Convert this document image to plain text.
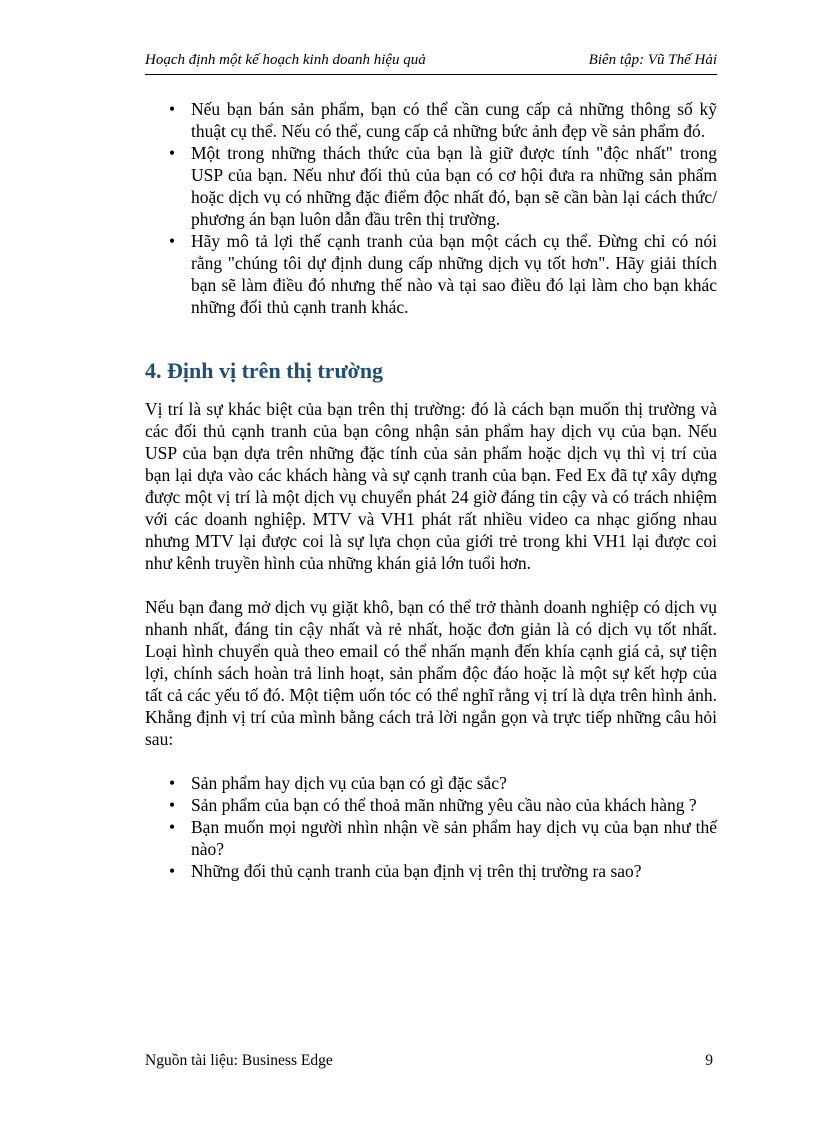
Hoạch định một kế hoạch kinh doanh hiệu quả	Biên tập: Vũ Thế Hải
• Nếu bạn bán sản phẩm, bạn có thể cần cung cấp cả những thông số kỹ thuật cụ thể. Nếu có thể, cung cấp cả những bức ảnh đẹp về sản phẩm đó.
• Một trong những thách thức của bạn là giữ được tính "độc nhất" trong USP của bạn. Nếu như đối thủ của bạn có cơ hội đưa ra những sản phẩm hoặc dịch vụ có những đặc điểm độc nhất đó, bạn sẽ cần bàn lại cách thức/ phương án bạn luôn dẫn đầu trên thị trường.
• Hãy mô tả lợi thế cạnh tranh của bạn một cách cụ thể. Đừng chỉ có nói rằng "chúng tôi dự định dung cấp những dịch vụ tốt hơn". Hãy giải thích bạn sẽ làm điều đó nhưng thế nào và tại sao điều đó lại làm cho bạn khác những đối thủ cạnh tranh khác.
4. Định vị trên thị trường

Vị trí là sự khác biệt của bạn trên thị trường: đó là cách bạn muốn thị trường và các đối thủ cạnh tranh của bạn công nhận sản phẩm hay dịch vụ của bạn. Nếu USP của bạn dựa trên những đặc tính của sản phẩm hoặc dịch vụ thì vị trí của bạn lại dựa vào các khách hàng và sự cạnh tranh của bạn. Fed Ex đã tự xây dựng được một vị trí là một dịch vụ chuyển phát 24 giờ đáng tin cậy và có trách nhiệm với các doanh nghiệp. MTV và VH1 phát rất nhiều video ca nhạc giống nhau nhưng MTV lại được coi là sự lựa chọn của giới trẻ trong khi VH1 lại được coi như kênh truyền hình của những khán giả lớn tuổi hơn.

Nếu bạn đang mở dịch vụ giặt khô, bạn có thể trở thành doanh nghiệp có dịch vụ nhanh nhất, đáng tin cậy nhất và rẻ nhất, hoặc đơn giản là có dịch vụ tốt nhất. Loại hình chuyển quà theo email có thể nhấn mạnh đến khía cạnh giá cả, sự tiện lợi, chính sách hoàn trả linh hoạt, sản phẩm độc đáo hoặc là một sự kết hợp của tất cả các yếu tố đó. Một tiệm uốn tóc có thể nghĩ rằng vị trí là dựa trên hình ảnh. Khẳng định vị trí của mình bằng cách trả lời ngắn gọn và trực tiếp những câu hỏi sau:

• Sản phẩm hay dịch vụ của bạn có gì đặc sắc?
• Sản phẩm của bạn có thể thoả mãn những yêu cầu nào của khách hàng ?
• Bạn muốn mọi người nhìn nhận về sản phẩm hay dịch vụ của bạn như thế nào?
• Những đối thủ cạnh tranh của bạn định vị trên thị trường ra sao?
Nguồn tài liệu: Business Edge	9
